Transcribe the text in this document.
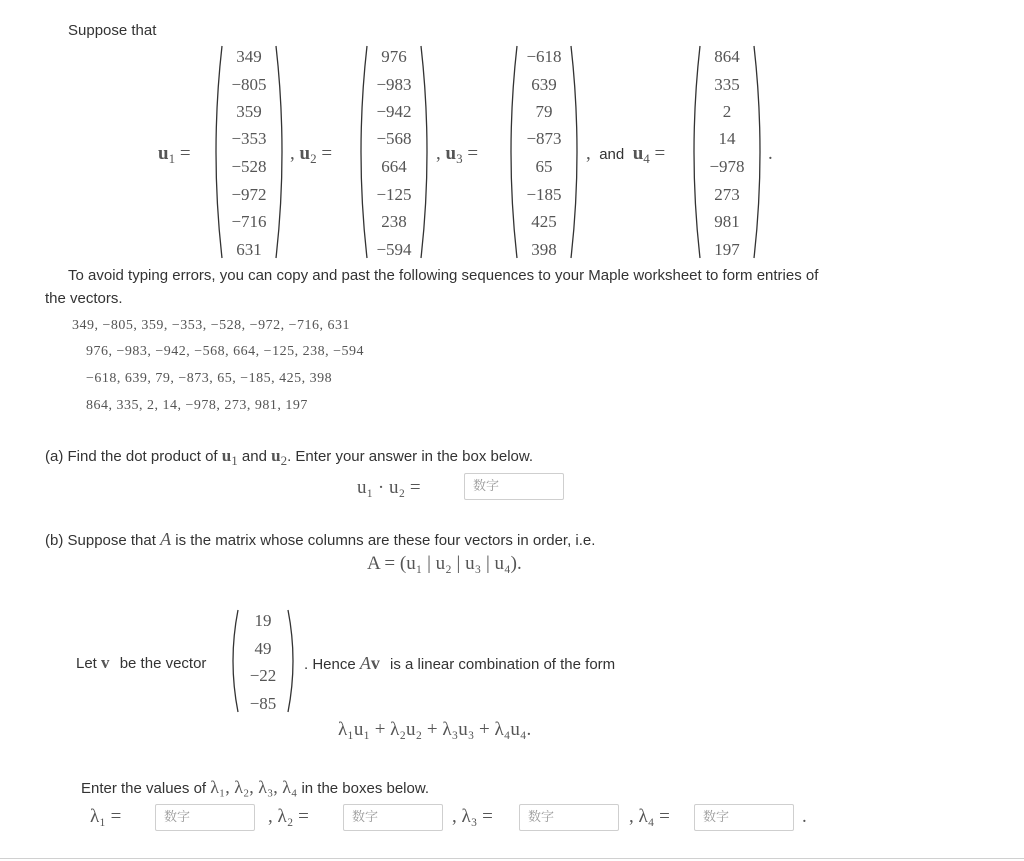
Suppose that
$u_1$ =
349
−805
359
−353
−528
−972
−716
631
, $u_2$ =
976
−983
−942
−568
664
−125
238
−594
, $u_3$ =
−618
639
79
−873
65
−185
425
398
, and $u_4$ =
864
335
2
14
−978
273
981
197
.
To avoid typing errors, you can copy and past the following sequences to your Maple worksheet to form entries of
the vectors.
349, −805, 359, −353, −528, −972, −716, 631
976, −983, −942, −568, 664, −125, 238, −594
−618, 639, 79, −873, 65, −185, 425, 398
864, 335, 2, 14, −978, 273, 981, 197
(a) Find the dot product of $u_1$ and $u_2$. Enter your answer in the box below.
u₁ · u₂ =
数字
(b) Suppose that A is the matrix whose columns are these four vectors in order, i.e.
A = (u₁ | u₂ | u₃ | u₄).
Let v be the vector
19
49
−22
−85
. Hence Av is a linear combination of the form
λ₁u₁ + λ₂u₂ + λ₃u₃ + λ₄u₄.
Enter the values of λ₁, λ₂, λ₃, λ₄ in the boxes below.
λ₁ =
数字	, λ₂ =
数字	, λ₃ =
数字	, λ₄ =
数字	.
